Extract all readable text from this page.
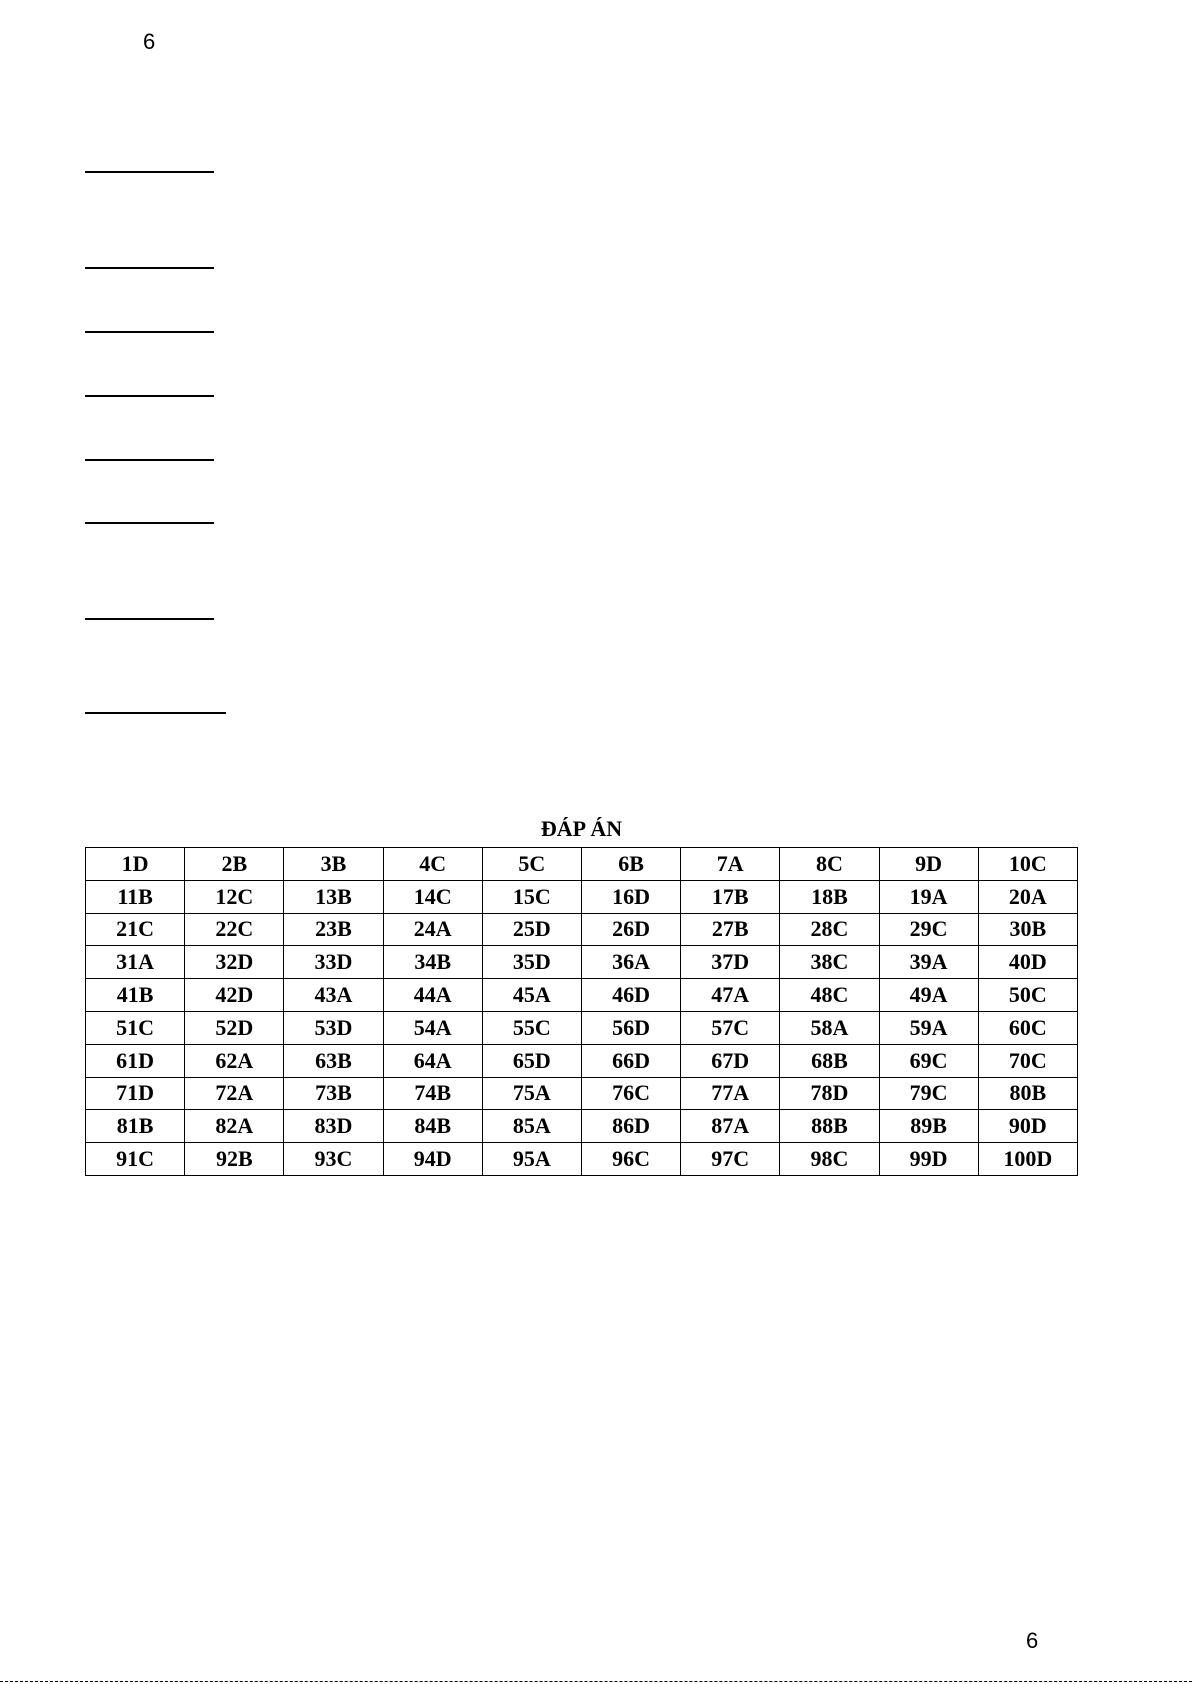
6
ĐÁP ÁN
1D	2B	3B	4C	5C	6B	7A	8C	9D	10C
11B	12C	13B	14C	15C	16D	17B	18B	19A	20A
21C	22C	23B	24A	25D	26D	27B	28C	29C	30B
31A	32D	33D	34B	35D	36A	37D	38C	39A	40D
41B	42D	43A	44A	45A	46D	47A	48C	49A	50C
51C	52D	53D	54A	55C	56D	57C	58A	59A	60C
61D	62A	63B	64A	65D	66D	67D	68B	69C	70C
71D	72A	73B	74B	75A	76C	77A	78D	79C	80B
81B	82A	83D	84B	85A	86D	87A	88B	89B	90D
91C	92B	93C	94D	95A	96C	97C	98C	99D	100D
6
